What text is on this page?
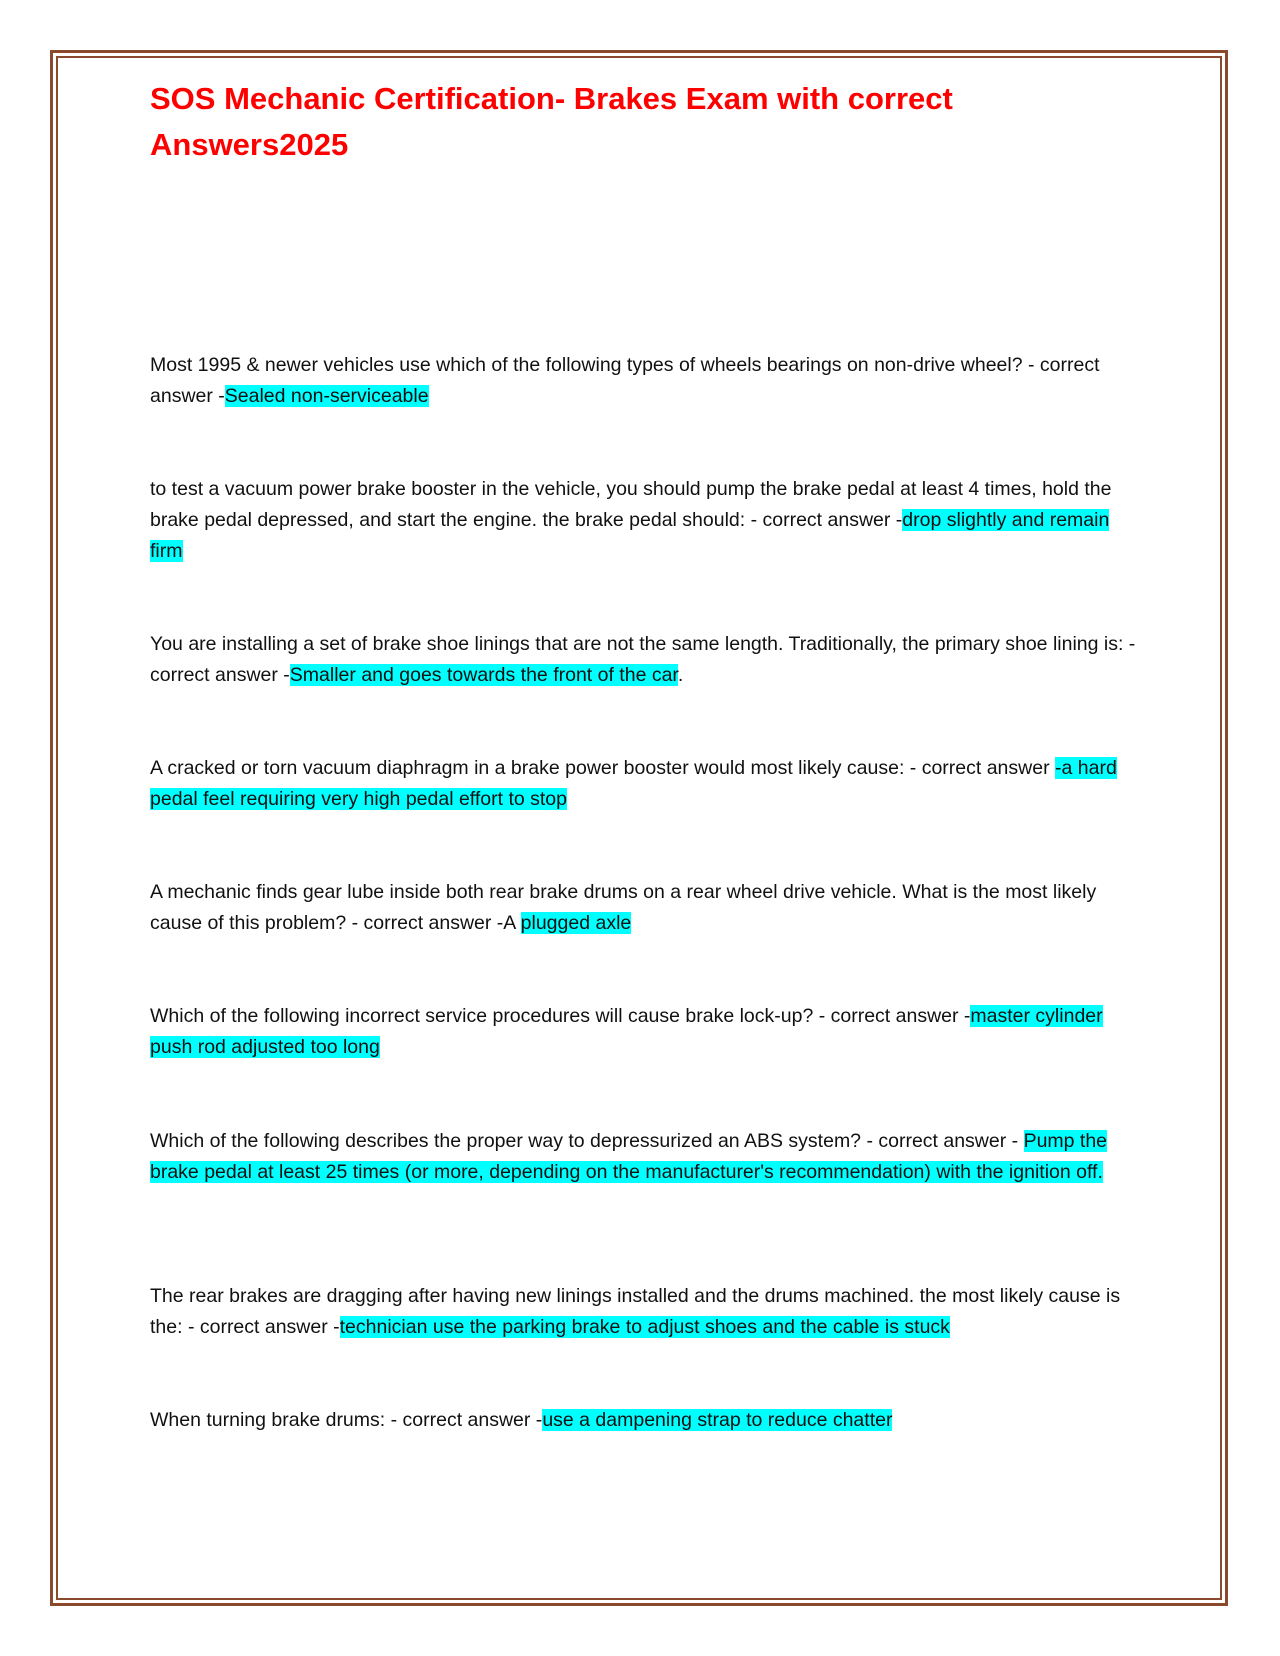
SOS Mechanic Certification- Brakes Exam with correct Answers2025

Most 1995 & newer vehicles use which of the following types of wheels bearings on non-drive wheel? - correct answer -Sealed non-serviceable

to test a vacuum power brake booster in the vehicle, you should pump the brake pedal at least 4 times, hold the brake pedal depressed, and start the engine. the brake pedal should: - correct answer -drop slightly and remain firm

You are installing a set of brake shoe linings that are not the same length. Traditionally, the primary shoe lining is: - correct answer -Smaller and goes towards the front of the car.

A cracked or torn vacuum diaphragm in a brake power booster would most likely cause: - correct answer -a hard pedal feel requiring very high pedal effort to stop

A mechanic finds gear lube inside both rear brake drums on a rear wheel drive vehicle. What is the most likely cause of this problem? - correct answer -A plugged axle

Which of the following incorrect service procedures will cause brake lock-up? - correct answer -master cylinder push rod adjusted too long

Which of the following describes the proper way to depressurized an ABS system? - correct answer - Pump the brake pedal at least 25 times (or more, depending on the manufacturer's recommendation) with the ignition off.

The rear brakes are dragging after having new linings installed and the drums machined. the most likely cause is the: - correct answer -technician use the parking brake to adjust shoes and the cable is stuck

When turning brake drums: - correct answer -use a dampening strap to reduce chatter
